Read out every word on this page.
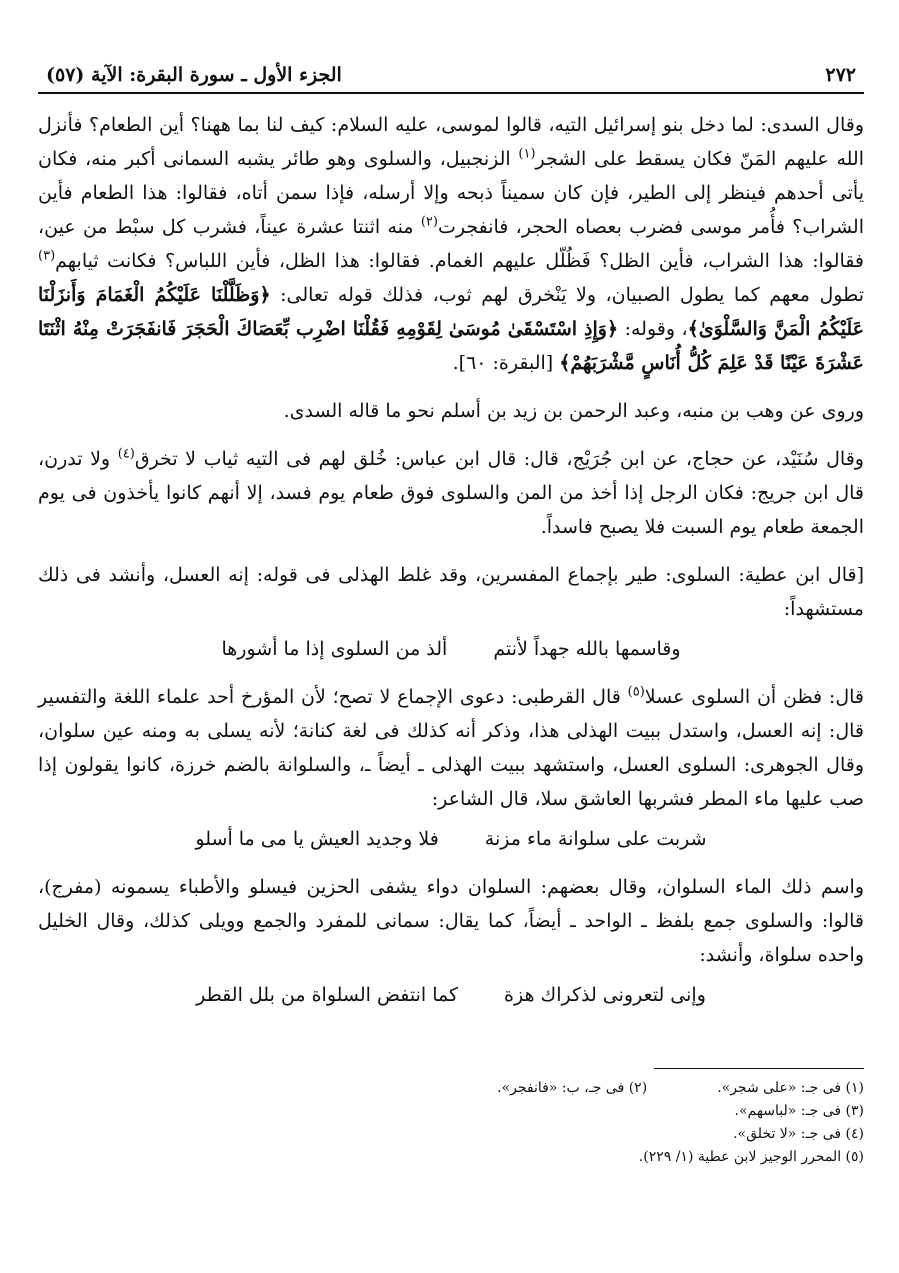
٢٧٢
الجزء الأول ـ سورة البقرة: الآية (٥٧)

وقال السدى: لما دخل بنو إسرائيل التيه، قالوا لموسى، عليه السلام: كيف لنا بما ههنا؟ أين الطعام؟ فأنزل الله عليهم المَنّ فكان يسقط على الشجر$^{(١)}$ الزنجبيل، والسلوى وهو طائر يشبه السمانى أكبر منه، فكان يأتى أحدهم فينظر إلى الطير، فإن كان سميناً ذبحه وإلا أرسله، فإذا سمن أتاه، فقالوا: هذا الطعام فأين الشراب؟ فأُمر موسى فضرب بعصاه الحجر، فانفجرت$^{(٢)}$ منه اثنتا عشرة عيناً، فشرب كل سبْط من عين، فقالوا: هذا الشراب، فأين الظل؟ فَظُلّل عليهم الغمام. فقالوا: هذا الظل، فأين اللباس؟ فكانت ثيابهم$^{(٣)}$ تطول معهم كما يطول الصبيان، ولا يَنْخرق لهم ثوب، فذلك قوله تعالى: ﴿وَظَلَّلْنَا عَلَيْكُمُ الْغَمَامَ وَأَنزَلْنَا عَلَيْكُمُ الْمَنَّ وَالسَّلْوَىٰ﴾، وقوله: ﴿وَإِذِ اسْتَسْقَىٰ مُوسَىٰ لِقَوْمِهِ فَقُلْنَا اضْرِب بِّعَصَاكَ الْحَجَرَ فَانفَجَرَتْ مِنْهُ اثْنَتَا عَشْرَةَ عَيْنًا قَدْ عَلِمَ كُلُّ أُنَاسٍ مَّشْرَبَهُمْ﴾ [البقرة: ٦٠].

وروى عن وهب بن منبه، وعبد الرحمن بن زيد بن أسلم نحو ما قاله السدى.

وقال سُنَيْد، عن حجاج، عن ابن جُرَيْج، قال: قال ابن عباس: خُلق لهم فى التيه ثياب لا تخرق$^{(٤)}$ ولا تدرن، قال ابن جريج: فكان الرجل إذا أخذ من المن والسلوى فوق طعام يوم فسد، إلا أنهم كانوا يأخذون فى يوم الجمعة طعام يوم السبت فلا يصبح فاسداً.

[قال ابن عطية: السلوى: طير بإجماع المفسرين، وقد غلط الهذلى فى قوله: إنه العسل، وأنشد فى ذلك مستشهداً:

وقاسمها بالله جهداً لأنتم
ألذ من السلوى إذا ما أشورها

قال: فظن أن السلوى عسلا$^{(٥)}$ قال القرطبى: دعوى الإجماع لا تصح؛ لأن المؤرخ أحد علماء اللغة والتفسير قال: إنه العسل، واستدل ببيت الهذلى هذا، وذكر أنه كذلك فى لغة كنانة؛ لأنه يسلى به ومنه عين سلوان، وقال الجوهرى: السلوى العسل، واستشهد ببيت الهذلى ـ أيضاً ـ، والسلوانة بالضم خرزة، كانوا يقولون إذا صب عليها ماء المطر فشربها العاشق سلا، قال الشاعر:

شربت على سلوانة ماء مزنة
فلا وجديد العيش يا مى ما أسلو

واسم ذلك الماء السلوان، وقال بعضهم: السلوان دواء يشفى الحزين فيسلو والأطباء يسمونه (مفرج)، قالوا: والسلوى جمع بلفظ ـ الواحد ـ أيضاً، كما يقال: سمانى للمفرد والجمع وويلى كذلك، وقال الخليل واحده سلواة، وأنشد:

وإنى لتعرونى لذكراك هزة
كما انتفض السلواة من بلل القطر
(١) فى جـ: «على شجر».(٢) فى جـ، ب: «فانفجر».
(٣) فى جـ: «لباسهم».
(٤) فى جـ: «لا تخلق».
(٥) المحرر الوجيز لابن عطية (١/ ٢٢٩).
